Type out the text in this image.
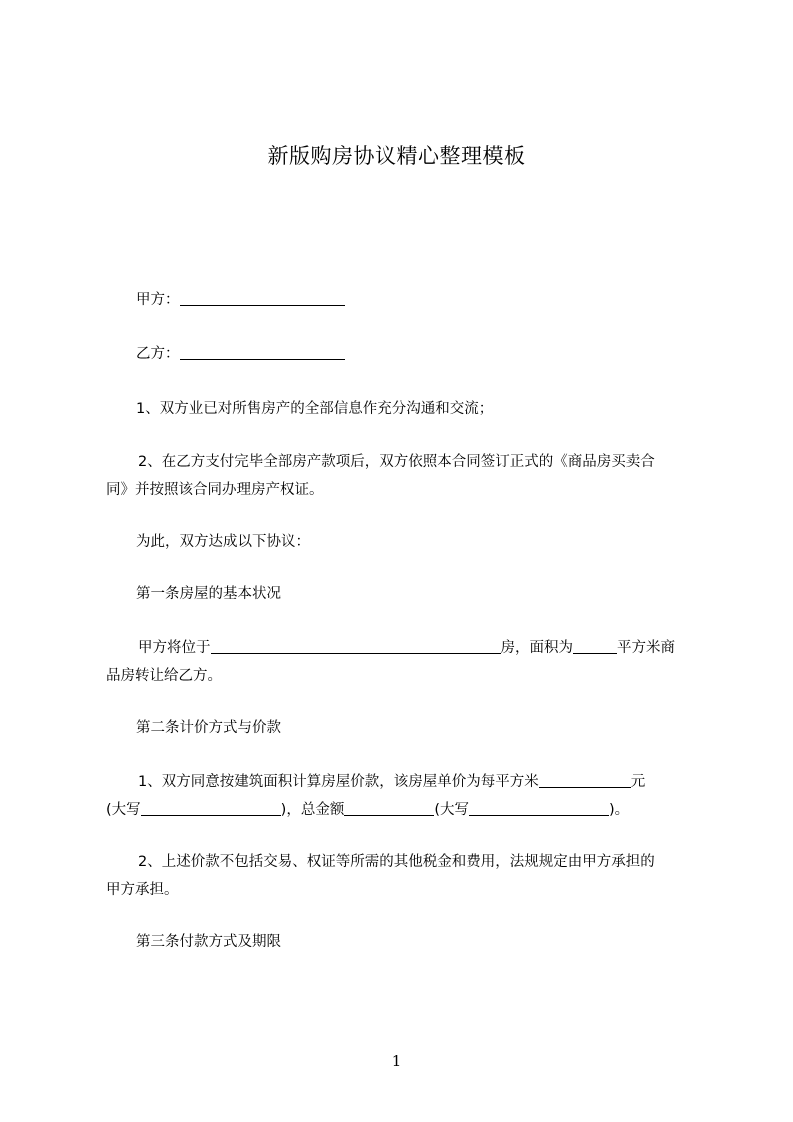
新版购房协议精心整理模板

甲方：

乙方：

1、双方业已对所售房产的全部信息作充分沟通和交流；

2、在乙方支付完毕全部房产款项后，双方依照本合同签订正式的《商品房买卖合
同》并按照该合同办理房产权证。

为此，双方达成以下协议：

第一条房屋的基本状况

甲方将位于	房，面积为	平方米商
品房转让给乙方。

第二条计价方式与价款

1、双方同意按建筑面积计算房屋价款，该房屋单价为每平方米	元
(大写	)，总金额	(大写	)。

2、上述价款不包括交易、权证等所需的其他税金和费用，法规规定由甲方承担的
甲方承担。

第三条付款方式及期限

1
